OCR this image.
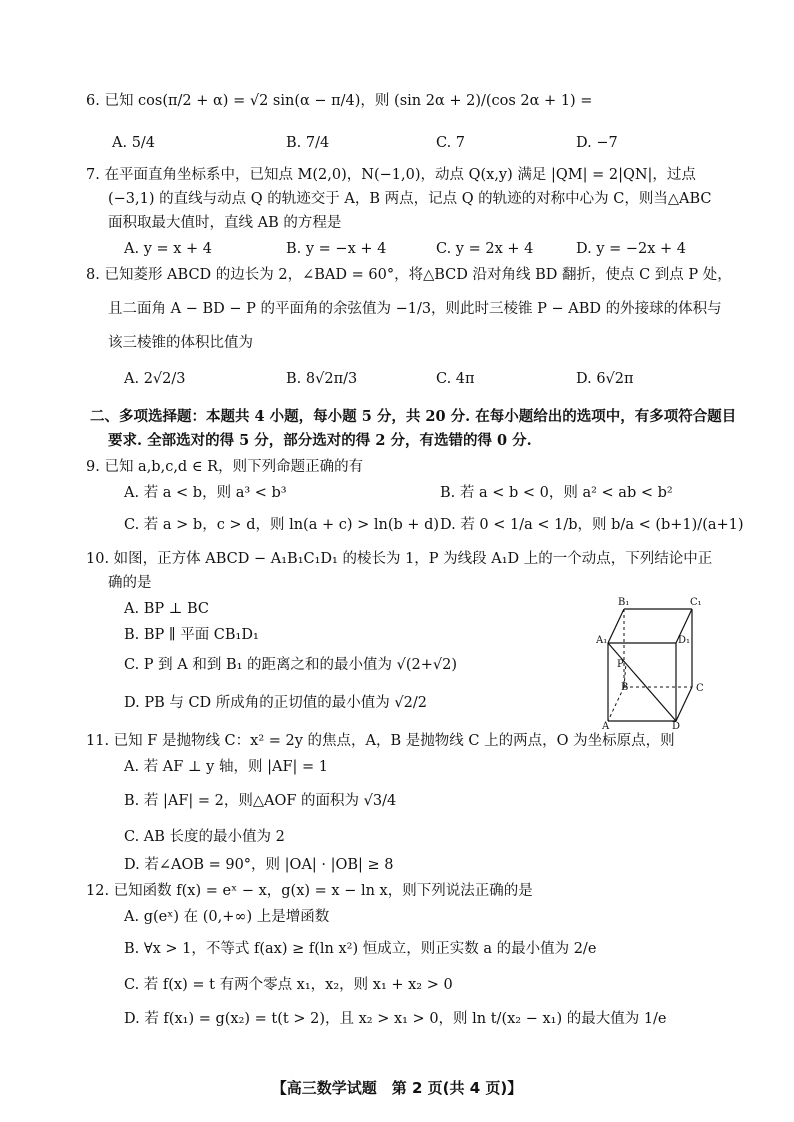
6. 已知 cos(π/2 + α) = √2 sin(α − π/4)，则 (sin 2α + 2)/(cos 2α + 1) =
A. 5/4	B. 7/4	C. 7	D. −7
7. 在平面直角坐标系中，已知点 M(2,0)，N(−1,0)，动点 Q(x,y) 满足 |QM| = 2|QN|，过点
(−3,1) 的直线与动点 Q 的轨迹交于 A，B 两点，记点 Q 的轨迹的对称中心为 C，则当△ABC
面积取最大值时，直线 AB 的方程是
A. y = x + 4	B. y = −x + 4	C. y = 2x + 4	D. y = −2x + 4
8. 已知菱形 ABCD 的边长为 2，∠BAD = 60°，将△BCD 沿对角线 BD 翻折，使点 C 到点 P 处，
且二面角 A − BD − P 的平面角的余弦值为 −1/3，则此时三棱锥 P − ABD 的外接球的体积与
该三棱锥的体积比值为
A. 2√2/3	B. 8√2π/3	C. 4π	D. 6√2π
二、多项选择题：本题共 4 小题，每小题 5 分，共 20 分. 在每小题给出的选项中，有多项符合题目
要求. 全部选对的得 5 分，部分选对的得 2 分，有选错的得 0 分.
9. 已知 a,b,c,d ∈ R，则下列命题正确的有
A. 若 a < b，则 a³ < b³	B. 若 a < b < 0，则 a² < ab < b²
C. 若 a > b，c > d，则 ln(a + c) > ln(b + d) D. 若 0 < 1/a < 1/b，则 b/a < (b+1)/(a+1)
10. 如图，正方体 ABCD − A₁B₁C₁D₁ 的棱长为 1，P 为线段 A₁D 上的一个动点，下列结论中正
确的是
A. BP ⊥ BC
B. BP ∥ 平面 CB₁D₁
C. P 到 A 和到 B₁ 的距离之和的最小值为 √(2+√2)
D. PB 与 CD 所成角的正切值的最小值为 √2/2
B₁	C₁
A₁	D₁
P
B	C
A	D
11. 已知 F 是抛物线 C：x² = 2y 的焦点，A，B 是抛物线 C 上的两点，O 为坐标原点，则
A. 若 AF ⊥ y 轴，则 |AF| = 1
B. 若 |AF| = 2，则△AOF 的面积为 √3/4
C. AB 长度的最小值为 2
D. 若∠AOB = 90°，则 |OA| · |OB| ≥ 8
12. 已知函数 f(x) = eˣ − x，g(x) = x − ln x，则下列说法正确的是
A. g(eˣ) 在 (0,+∞) 上是增函数
B. ∀x > 1，不等式 f(ax) ≥ f(ln x²) 恒成立，则正实数 a 的最小值为 2/e
C. 若 f(x) = t 有两个零点 x₁，x₂，则 x₁ + x₂ > 0
D. 若 f(x₁) = g(x₂) = t(t > 2)，且 x₂ > x₁ > 0，则 ln t/(x₂ − x₁) 的最大值为 1/e
【高三数学试题　第 2 页(共 4 页)】
